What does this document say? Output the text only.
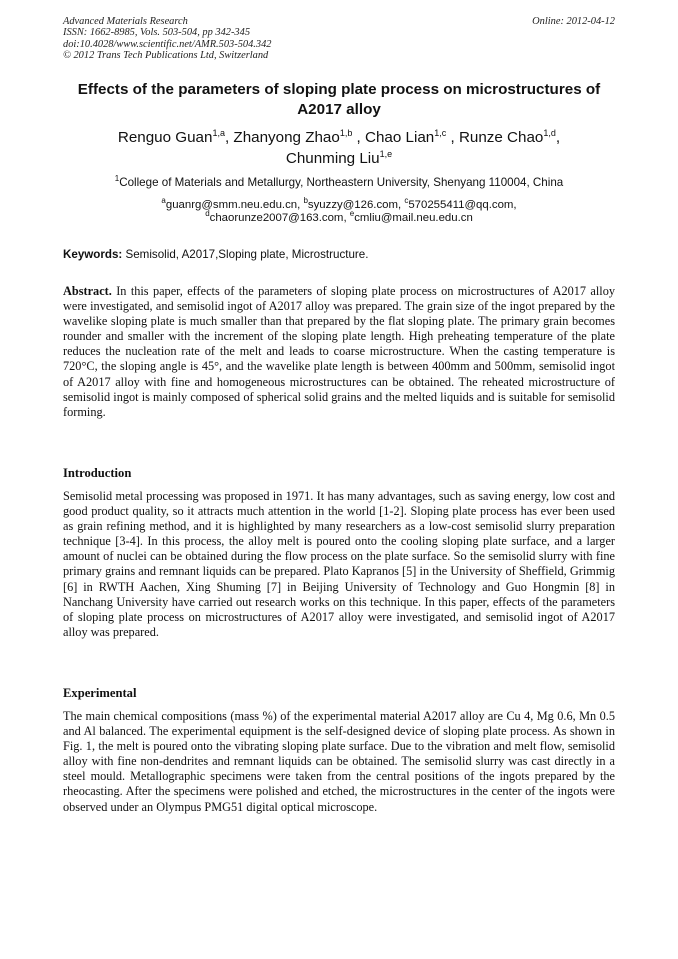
Advanced Materials Research
ISSN: 1662-8985, Vols. 503-504, pp 342-345
doi:10.4028/www.scientific.net/AMR.503-504.342
© 2012 Trans Tech Publications Ltd, Switzerland
Online: 2012-04-12
Effects of the parameters of sloping plate process on microstructures of A2017 alloy
Renguo Guan$^{1,a}$, Zhanyong Zhao$^{1,b}$ , Chao Lian$^{1,c}$ , Runze Chao$^{1,d}$,
Chunming Liu$^{1,e}$
$^1$College of Materials and Metallurgy, Northeastern University, Shenyang 110004, China
$^a$guanrg@smm.neu.edu.cn, $^b$syuzzy@126.com, $^c$570255411@qq.com,
$^d$chaorunze2007@163.com, $^e$cmliu@mail.neu.edu.cn
Keywords: Semisolid, A2017,Sloping plate, Microstructure.
Abstract. In this paper, effects of the parameters of sloping plate process on microstructures of A2017 alloy were investigated, and semisolid ingot of A2017 alloy was prepared. The grain size of the ingot prepared by the wavelike sloping plate is much smaller than that prepared by the flat sloping plate. The primary grain becomes rounder and smaller with the increment of the sloping plate length. High preheating temperature of the plate reduces the nucleation rate of the melt and leads to coarse microstructure. When the casting temperature is 720°C, the sloping angle is 45°, and the wavelike plate length is between 400mm and 500mm, semisolid ingot of A2017 alloy with fine and homogeneous microstructures can be obtained. The reheated microstructure of semisolid ingot is mainly composed of spherical solid grains and the melted liquids and is suitable for semisolid forming.
Introduction
Semisolid metal processing was proposed in 1971. It has many advantages, such as saving energy, low cost and good product quality, so it attracts much attention in the world [1-2]. Sloping plate process has ever been used as grain refining method, and it is highlighted by many researchers as a low-cost semisolid slurry preparation technique [3-4]. In this process, the alloy melt is poured onto the cooling sloping plate surface, and a larger amount of nuclei can be obtained during the flow process on the plate surface. So the semisolid slurry with fine primary grains and remnant liquids can be prepared. Plato Kapranos [5] in the University of Sheffield, Grimmig [6] in RWTH Aachen, Xing Shuming [7] in Beijing University of Technology and Guo Hongmin [8] in Nanchang University have carried out research works on this technique. In this paper, effects of the parameters of sloping plate process on microstructures of A2017 alloy were investigated, and semisolid ingot of A2017 alloy was prepared.
Experimental
The main chemical compositions (mass %) of the experimental material A2017 alloy are Cu 4, Mg 0.6, Mn 0.5 and Al balanced. The experimental equipment is the self-designed device of sloping plate process. As shown in Fig. 1, the melt is poured onto the vibrating sloping plate surface. Due to the vibration and melt flow, semisolid alloy with fine non-dendrites and remnant liquids can be obtained. The semisolid slurry was cast directly in a steel mould. Metallographic specimens were taken from the central positions of the ingots prepared by the rheocasting. After the specimens were polished and etched, the microstructures in the center of the ingots were observed under an Olympus PMG51 digital optical microscope.
